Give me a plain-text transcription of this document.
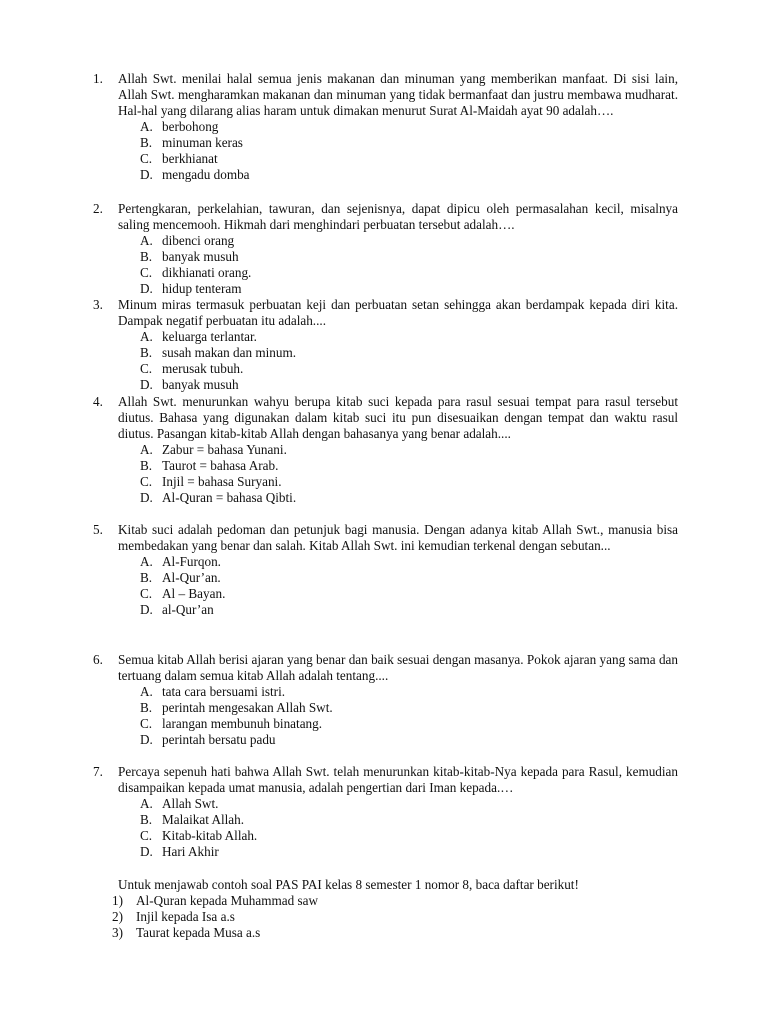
1.	Allah Swt. menilai halal semua jenis makanan dan minuman yang memberikan manfaat. Di sisi lain, Allah Swt. mengharamkan makanan dan minuman yang tidak bermanfaat dan justru membawa mudharat. Hal-hal yang dilarang alias haram untuk dimakan menurut Surat Al-Maidah ayat 90 adalah….
A. berbohong
B. minuman keras
C. berkhianat
D. mengadu domba
2.	Pertengkaran, perkelahian, tawuran, dan sejenisnya, dapat dipicu oleh permasalahan kecil, misalnya saling mencemooh. Hikmah dari menghindari perbuatan tersebut adalah….
A. dibenci orang
B. banyak musuh
C. dikhianati orang.
D. hidup tenteram
3.	Minum miras termasuk perbuatan keji dan perbuatan setan sehingga akan berdampak kepada diri kita. Dampak negatif perbuatan itu adalah....
A. keluarga terlantar.
B. susah makan dan minum.
C. merusak tubuh.
D. banyak musuh
4.	Allah Swt. menurunkan wahyu berupa kitab suci kepada para rasul sesuai tempat para rasul tersebut diutus. Bahasa yang digunakan dalam kitab suci itu pun disesuaikan dengan tempat dan waktu rasul diutus. Pasangan kitab-kitab Allah dengan bahasanya yang benar adalah....
A. Zabur = bahasa Yunani.
B. Taurot = bahasa Arab.
C. Injil = bahasa Suryani.
D. Al-Quran = bahasa Qibti.
5.	Kitab suci adalah pedoman dan petunjuk bagi manusia. Dengan adanya kitab Allah Swt., manusia bisa membedakan yang benar dan salah. Kitab Allah Swt. ini kemudian terkenal dengan sebutan...
A. Al-Furqon.
B. Al-Qur’an.
C. Al – Bayan.
D. al-Qur’an
6.	Semua kitab Allah berisi ajaran yang benar dan baik sesuai dengan masanya. Pokok ajaran yang sama dan tertuang dalam semua kitab Allah adalah tentang....
A. tata cara bersuami istri.
B. perintah mengesakan Allah Swt.
C. larangan membunuh binatang.
D. perintah bersatu padu
7.	Percaya sepenuh hati bahwa Allah Swt. telah menurunkan kitab-kitab-Nya kepada para Rasul, kemudian disampaikan kepada umat manusia, adalah pengertian dari Iman kepada.…
A. Allah Swt.
B. Malaikat Allah.
C. Kitab-kitab Allah.
D. Hari Akhir
Untuk menjawab contoh soal PAS PAI kelas 8 semester 1 nomor 8, baca daftar berikut!
1) Al-Quran kepada Muhammad saw
2) Injil kepada Isa a.s
3) Taurat kepada Musa a.s
